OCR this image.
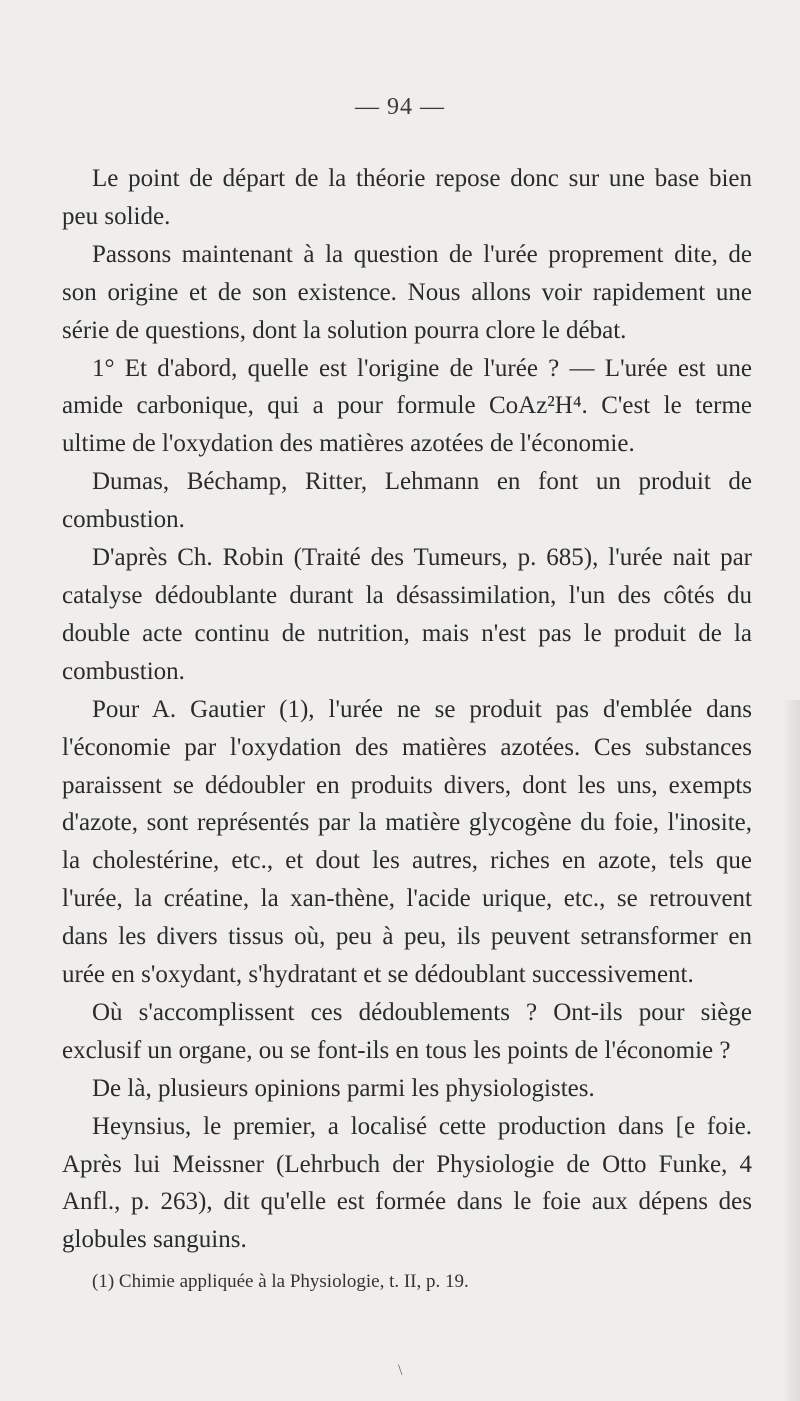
— 94 —

Le point de départ de la théorie repose donc sur une base bien peu solide.

Passons maintenant à la question de l'urée proprement dite, de son origine et de son existence. Nous allons voir rapidement une série de questions, dont la solution pourra clore le débat.

1° Et d'abord, quelle est l'origine de l'urée ? — L'urée est une amide carbonique, qui a pour formule CoAz²H⁴. C'est le terme ultime de l'oxydation des matières azotées de l'économie.

Dumas, Béchamp, Ritter, Lehmann en font un produit de combustion.

D'après Ch. Robin (Traité des Tumeurs, p. 685), l'urée nait par catalyse dédoublante durant la désassimilation, l'un des côtés du double acte continu de nutrition, mais n'est pas le produit de la combustion.

Pour A. Gautier (1), l'urée ne se produit pas d'emblée dans l'économie par l'oxydation des matières azotées. Ces substances paraissent se dédoubler en produits divers, dont les uns, exempts d'azote, sont représentés par la matière glycogène du foie, l'inosite, la cholestérine, etc., et dout les autres, riches en azote, tels que l'urée, la créatine, la xan-thène, l'acide urique, etc., se retrouvent dans les divers tissus où, peu à peu, ils peuvent setransformer en urée en s'oxydant, s'hydratant et se dédoublant successivement.

Où s'accomplissent ces dédoublements ? Ont-ils pour siège exclusif un organe, ou se font-ils en tous les points de l'économie ?

De là, plusieurs opinions parmi les physiologistes.

Heynsius, le premier, a localisé cette production dans [e foie. Après lui Meissner (Lehrbuch der Physiologie de Otto Funke, 4 Anfl., p. 263), dit qu'elle est formée dans le foie aux dépens des globules sanguins.

(1) Chimie appliquée à la Physiologie, t. II, p. 19.
\
